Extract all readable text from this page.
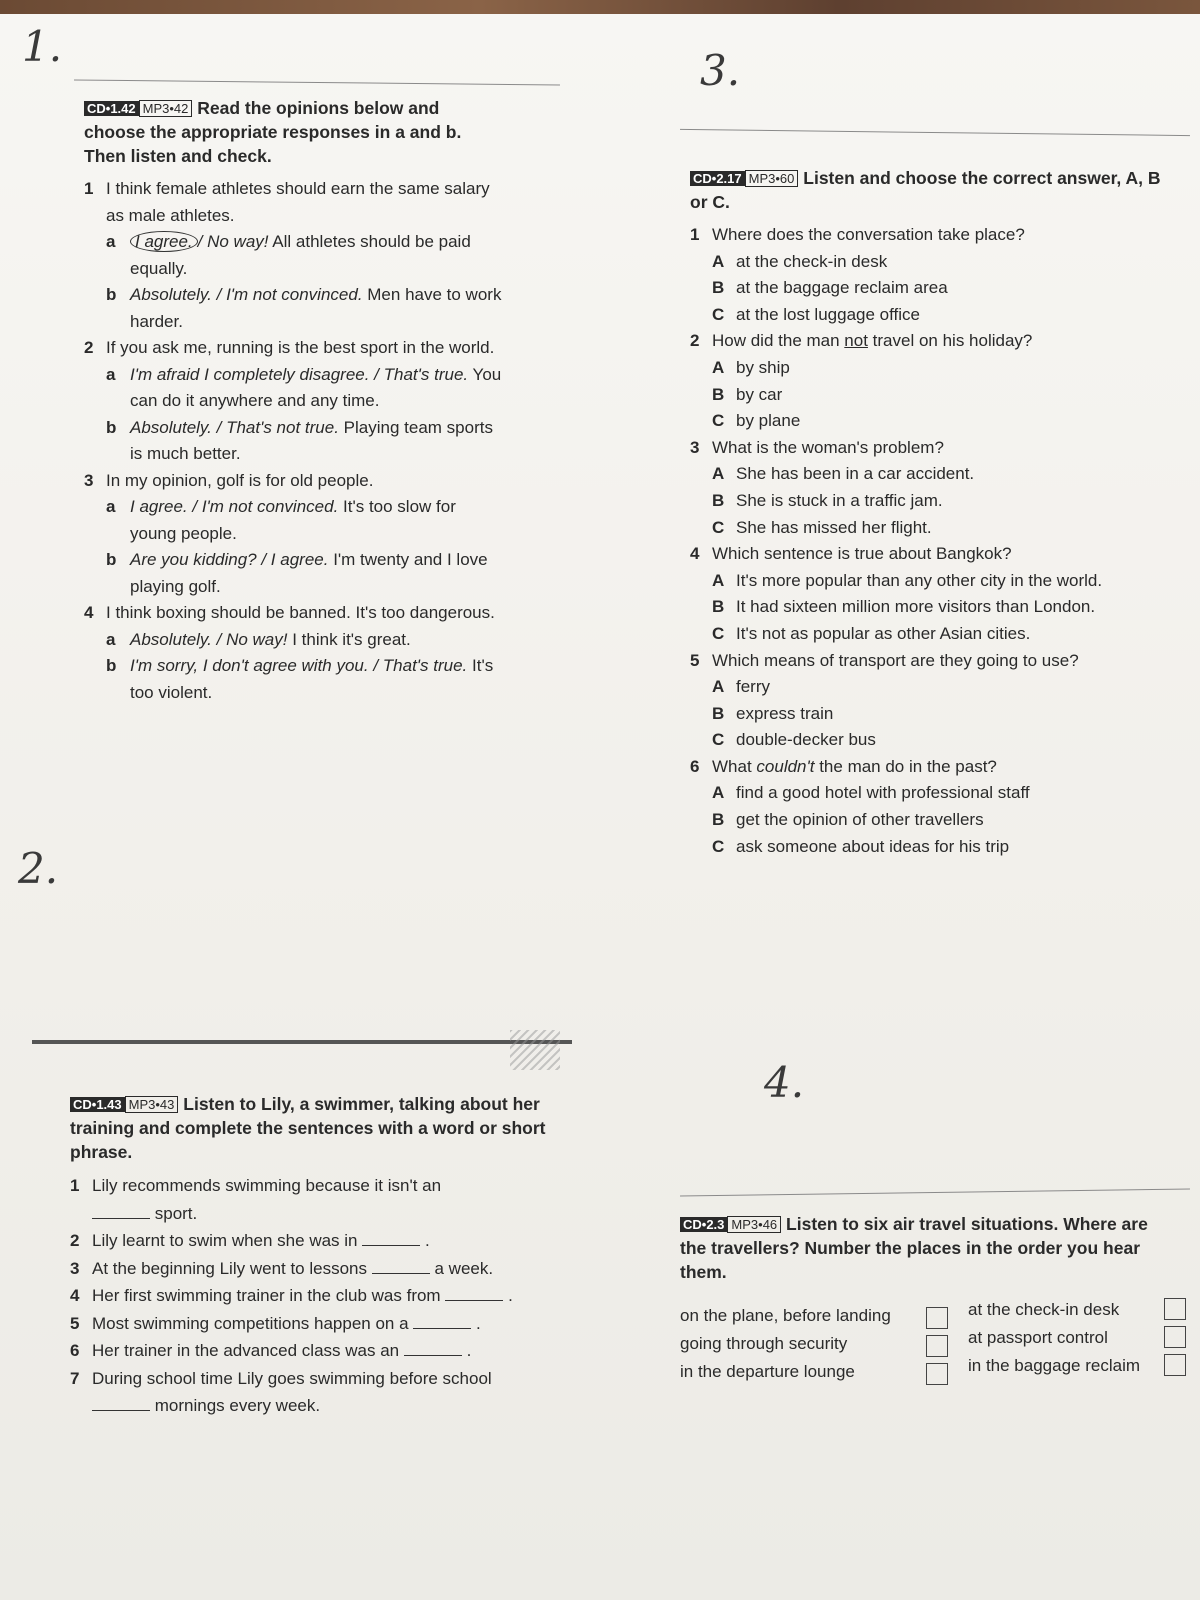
1.	3.
2.
4.
CD•1.42 MP3•42 Read the opinions below and choose the appropriate responses in a and b. Then listen and check.
1 I think female athletes should earn the same salary as male athletes.
a I agree. / No way! All athletes should be paid equally.
b Absolutely. / I'm not convinced. Men have to work harder.
2 If you ask me, running is the best sport in the world.
a I'm afraid I completely disagree. / That's true. You can do it anywhere and any time.
b Absolutely. / That's not true. Playing team sports is much better.
3 In my opinion, golf is for old people.
a I agree. / I'm not convinced. It's too slow for young people.
b Are you kidding? / I agree. I'm twenty and I love playing golf.
4 I think boxing should be banned. It's too dangerous.
a Absolutely. / No way! I think it's great.
b I'm sorry, I don't agree with you. / That's true. It's too violent.
CD•2.17 MP3•60 Listen and choose the correct answer, A, B or C.
1 Where does the conversation take place?
A at the check-in desk
B at the baggage reclaim area
C at the lost luggage office
2 How did the man not travel on his holiday?
A by ship
B by car
C by plane
3 What is the woman's problem?
A She has been in a car accident.
B She is stuck in a traffic jam.
C She has missed her flight.
4 Which sentence is true about Bangkok?
A It's more popular than any other city in the world.
B It had sixteen million more visitors than London.
C It's not as popular as other Asian cities.
5 Which means of transport are they going to use?
A ferry
B express train
C double-decker bus
6 What couldn't the man do in the past?
A find a good hotel with professional staff
B get the opinion of other travellers
C ask someone about ideas for his trip
CD•1.43 MP3•43 Listen to Lily, a swimmer, talking about her training and complete the sentences with a word or short phrase.
1 Lily recommends swimming because it isn't an  sport.
2 Lily learnt to swim when she was in	.
3 At the beginning Lily went to lessons	a week.
4 Her first swimming trainer in the club was from	.
5 Most swimming competitions happen on a	.
6 Her trainer in the advanced class was an	.
7 During school time Lily goes swimming before school
mornings every week.
CD•2.3 MP3•46 Listen to six air travel situations. Where are the travellers? Number the places in the order you hear them.
on the plane, before landing
going through security
in the departure lounge
at the check-in desk
at passport control
in the baggage reclaim
